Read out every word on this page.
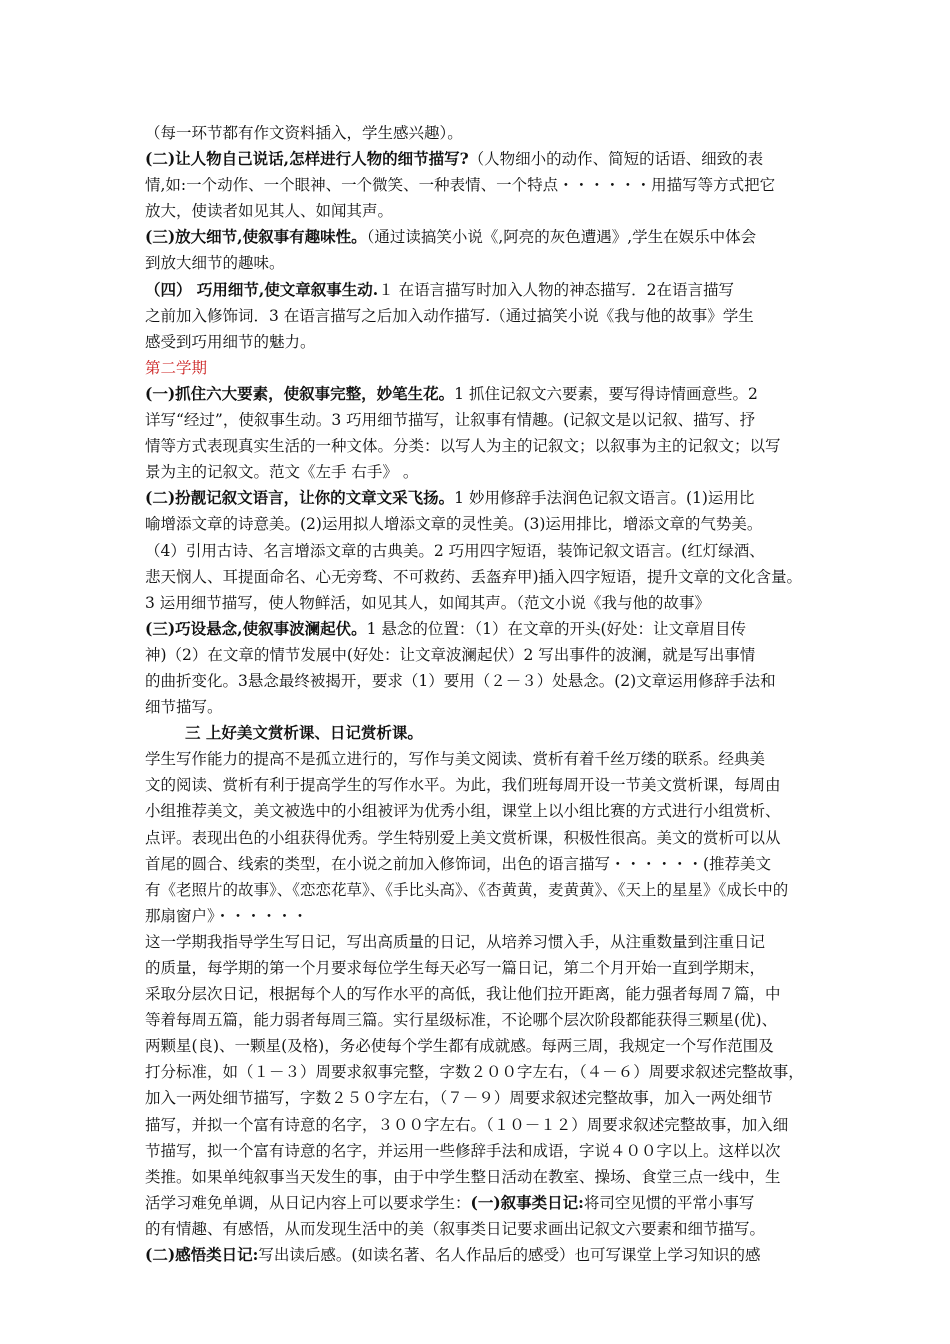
（每一环节都有作文资料插入，学生感兴趣）。
(二)让人物自己说话,怎样进行人物的细节描写?（人物细小的动作、简短的话语、细致的表
情,如:一个动作、一个眼神、一个微笑、一种表情、一个特点・・・・・・用描写等方式把它
放大，使读者如见其人、如闻其声。
(三)放大细节,使叙事有趣味性。（通过读搞笑小说《,阿亮的灰色遭遇》,学生在娱乐中体会
到放大细节的趣味。
（四） 巧用细节,使文章叙事生动.１ 在语言描写时加入人物的神态描写．2在语言描写
之前加入修饰词．3 在语言描写之后加入动作描写.（通过搞笑小说《我与他的故事》学生
感受到巧用细节的魅力。
第二学期
(一)抓住六大要素，使叙事完整，妙笔生花。1 抓住记叙文六要素，要写得诗情画意些。2
详写“经过”，使叙事生动。3 巧用细节描写，让叙事有情趣。(记叙文是以记叙、描写、抒
情等方式表现真实生活的一种文体。分类：以写人为主的记叙文；以叙事为主的记叙文；以写
景为主的记叙文。范文《左手 右手》 。
(二)扮靓记叙文语言，让你的文章文采飞扬。1 妙用修辞手法润色记叙文语言。(1)运用比
喻增添文章的诗意美。(2)运用拟人增添文章的灵性美。(3)运用排比，增添文章的气势美。
（4）引用古诗、名言增添文章的古典美。2 巧用四字短语，装饰记叙文语言。(红灯绿酒、
悲天悯人、耳提面命名、心无旁骛、不可救药、丢盔弃甲)插入四字短语，提升文章的文化含量。
3 运用细节描写，使人物鲜活，如见其人，如闻其声。（范文小说《我与他的故事》
(三)巧设悬念,使叙事波澜起伏。1 悬念的位置：（1）在文章的开头(好处：让文章眉目传
神)（2）在文章的情节发展中(好处：让文章波澜起伏）2 写出事件的波澜，就是写出事情
的曲折变化。3悬念最终被揭开，要求（1）要用（２－３）处悬念。(2)文章运用修辞手法和
细节描写。
三 上好美文赏析课、日记赏析课。
学生写作能力的提高不是孤立进行的，写作与美文阅读、赏析有着千丝万缕的联系。经典美
文的阅读、赏析有利于提高学生的写作水平。为此，我们班每周开设一节美文赏析课，每周由
小组推荐美文，美文被选中的小组被评为优秀小组，课堂上以小组比赛的方式进行小组赏析、
点评。表现出色的小组获得优秀。学生特别爱上美文赏析课，积极性很高。美文的赏析可以从
首尾的圆合、线索的类型，在小说之前加入修饰词，出色的语言描写・・・・・・(推荐美文
有《老照片的故事》、《恋恋花草》、《手比头高》、《杏黄黄，麦黄黄》、《天上的星星》《成长中的
那扇窗户》・・・・・・
这一学期我指导学生写日记，写出高质量的日记，从培养习惯入手，从注重数量到注重日记
的质量，每学期的第一个月要求每位学生每天必写一篇日记，第二个月开始一直到学期末，
采取分层次日记，根据每个人的写作水平的高低，我让他们拉开距离，能力强者每周７篇，中
等着每周五篇，能力弱者每周三篇。实行星级标准，不论哪个层次阶段都能获得三颗星(优)、
两颗星(良)、一颗星(及格)，务必使每个学生都有成就感。每两三周，我规定一个写作范围及
打分标准，如（１－３）周要求叙事完整，字数２００字左右，（４－６）周要求叙述完整故事，
加入一两处细节描写，字数２５０字左右，（７－９）周要求叙述完整故事，加入一两处细节
描写，并拟一个富有诗意的名字，３００字左右。（１０－１２）周要求叙述完整故事，加入细
节描写，拟一个富有诗意的名字，并运用一些修辞手法和成语，字说４００字以上。这样以次
类推。如果单纯叙事当天发生的事，由于中学生整日活动在教室、操场、食堂三点一线中，生
活学习难免单调，从日记内容上可以要求学生：(一)叙事类日记:将司空见惯的平常小事写
的有情趣、有感悟，从而发现生活中的美（叙事类日记要求画出记叙文六要素和细节描写。
(二)感悟类日记:写出读后感。(如读名著、名人作品后的感受）也可写课堂上学习知识的感
